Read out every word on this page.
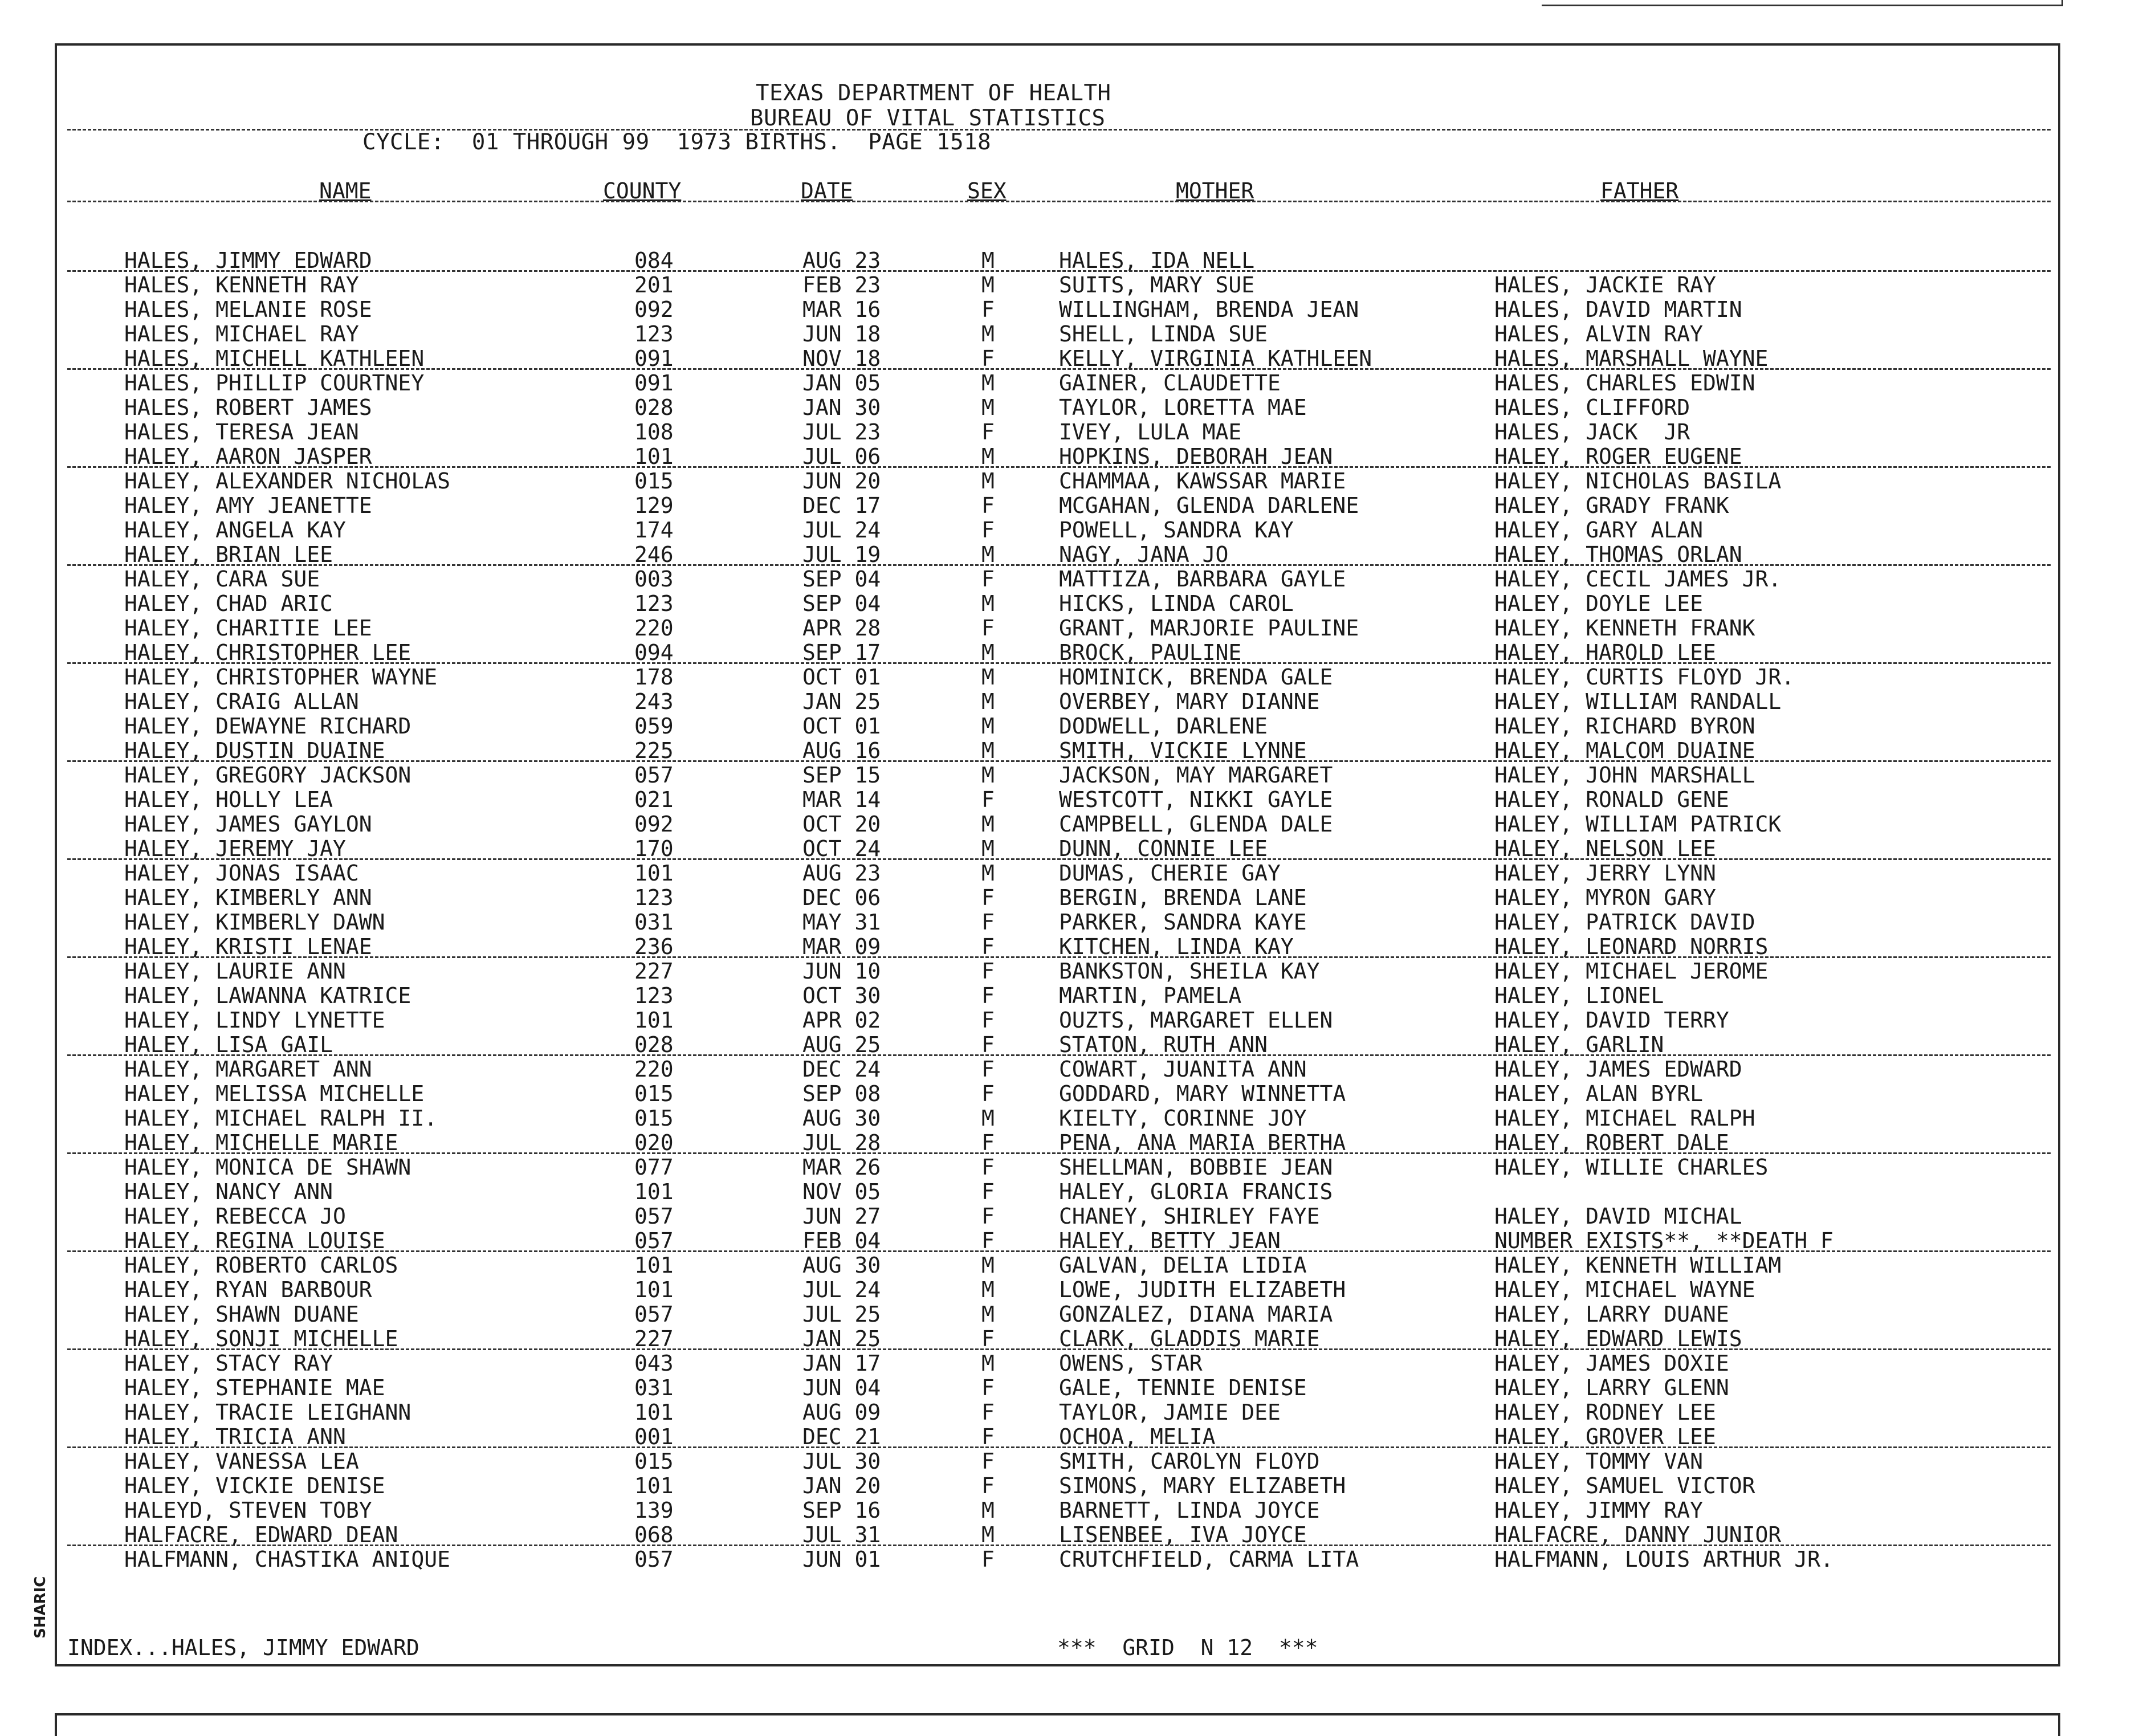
TEXAS DEPARTMENT OF HEALTH
BUREAU OF VITAL STATISTICS
CYCLE:  01 THROUGH 99  1973 BIRTHS.  PAGE 1518
NAME	COUNTY	DATE	SEX	MOTHER	FATHER
HALES, JIMMY EDWARD	084	AUG 23	M	HALES, IDA NELL
HALES, KENNETH RAY	201	FEB 23	M	SUITS, MARY SUE	HALES, JACKIE RAY
HALES, MELANIE ROSE	092	MAR 16	F	WILLINGHAM, BRENDA JEAN	HALES, DAVID MARTIN
HALES, MICHAEL RAY	123	JUN 18	M	SHELL, LINDA SUE	HALES, ALVIN RAY
HALES, MICHELL KATHLEEN	091	NOV 18	F	KELLY, VIRGINIA KATHLEEN	HALES, MARSHALL WAYNE
HALES, PHILLIP COURTNEY	091	JAN 05	M	GAINER, CLAUDETTE	HALES, CHARLES EDWIN
HALES, ROBERT JAMES	028	JAN 30	M	TAYLOR, LORETTA MAE	HALES, CLIFFORD
HALES, TERESA JEAN	108	JUL 23	F	IVEY, LULA MAE	HALES, JACK  JR
HALEY, AARON JASPER	101	JUL 06	M	HOPKINS, DEBORAH JEAN	HALEY, ROGER EUGENE
HALEY, ALEXANDER NICHOLAS	015	JUN 20	M	CHAMMAA, KAWSSAR MARIE	HALEY, NICHOLAS BASILA
HALEY, AMY JEANETTE	129	DEC 17	F	MCGAHAN, GLENDA DARLENE	HALEY, GRADY FRANK
HALEY, ANGELA KAY	174	JUL 24	F	POWELL, SANDRA KAY	HALEY, GARY ALAN
HALEY, BRIAN LEE	246	JUL 19	M	NAGY, JANA JO	HALEY, THOMAS ORLAN
HALEY, CARA SUE	003	SEP 04	F	MATTIZA, BARBARA GAYLE	HALEY, CECIL JAMES JR.
HALEY, CHAD ARIC	123	SEP 04	M	HICKS, LINDA CAROL	HALEY, DOYLE LEE
HALEY, CHARITIE LEE	220	APR 28	F	GRANT, MARJORIE PAULINE	HALEY, KENNETH FRANK
HALEY, CHRISTOPHER LEE	094	SEP 17	M	BROCK, PAULINE	HALEY, HAROLD LEE
HALEY, CHRISTOPHER WAYNE	178	OCT 01	M	HOMINICK, BRENDA GALE	HALEY, CURTIS FLOYD JR.
HALEY, CRAIG ALLAN	243	JAN 25	M	OVERBEY, MARY DIANNE	HALEY, WILLIAM RANDALL
HALEY, DEWAYNE RICHARD	059	OCT 01	M	DODWELL, DARLENE	HALEY, RICHARD BYRON
HALEY, DUSTIN DUAINE	225	AUG 16	M	SMITH, VICKIE LYNNE	HALEY, MALCOM DUAINE
HALEY, GREGORY JACKSON	057	SEP 15	M	JACKSON, MAY MARGARET	HALEY, JOHN MARSHALL
HALEY, HOLLY LEA	021	MAR 14	F	WESTCOTT, NIKKI GAYLE	HALEY, RONALD GENE
HALEY, JAMES GAYLON	092	OCT 20	M	CAMPBELL, GLENDA DALE	HALEY, WILLIAM PATRICK
HALEY, JEREMY JAY	170	OCT 24	M	DUNN, CONNIE LEE	HALEY, NELSON LEE
HALEY, JONAS ISAAC	101	AUG 23	M	DUMAS, CHERIE GAY	HALEY, JERRY LYNN
HALEY, KIMBERLY ANN	123	DEC 06	F	BERGIN, BRENDA LANE	HALEY, MYRON GARY
HALEY, KIMBERLY DAWN	031	MAY 31	F	PARKER, SANDRA KAYE	HALEY, PATRICK DAVID
HALEY, KRISTI LENAE	236	MAR 09	F	KITCHEN, LINDA KAY	HALEY, LEONARD NORRIS
HALEY, LAURIE ANN	227	JUN 10	F	BANKSTON, SHEILA KAY	HALEY, MICHAEL JEROME
HALEY, LAWANNA KATRICE	123	OCT 30	F	MARTIN, PAMELA	HALEY, LIONEL
HALEY, LINDY LYNETTE	101	APR 02	F	OUZTS, MARGARET ELLEN	HALEY, DAVID TERRY
HALEY, LISA GAIL	028	AUG 25	F	STATON, RUTH ANN	HALEY, GARLIN
HALEY, MARGARET ANN	220	DEC 24	F	COWART, JUANITA ANN	HALEY, JAMES EDWARD
HALEY, MELISSA MICHELLE	015	SEP 08	F	GODDARD, MARY WINNETTA	HALEY, ALAN BYRL
HALEY, MICHAEL RALPH II.	015	AUG 30	M	KIELTY, CORINNE JOY	HALEY, MICHAEL RALPH
HALEY, MICHELLE MARIE	020	JUL 28	F	PENA, ANA MARIA BERTHA	HALEY, ROBERT DALE
HALEY, MONICA DE SHAWN	077	MAR 26	F	SHELLMAN, BOBBIE JEAN	HALEY, WILLIE CHARLES
HALEY, NANCY ANN	101	NOV 05	F	HALEY, GLORIA FRANCIS
HALEY, REBECCA JO	057	JUN 27	F	CHANEY, SHIRLEY FAYE	HALEY, DAVID MICHAL
HALEY, REGINA LOUISE	057	FEB 04	F	HALEY, BETTY JEAN	NUMBER EXISTS**, **DEATH F
HALEY, ROBERTO CARLOS	101	AUG 30	M	GALVAN, DELIA LIDIA	HALEY, KENNETH WILLIAM
HALEY, RYAN BARBOUR	101	JUL 24	M	LOWE, JUDITH ELIZABETH	HALEY, MICHAEL WAYNE
HALEY, SHAWN DUANE	057	JUL 25	M	GONZALEZ, DIANA MARIA	HALEY, LARRY DUANE
HALEY, SONJI MICHELLE	227	JAN 25	F	CLARK, GLADDIS MARIE	HALEY, EDWARD LEWIS
HALEY, STACY RAY	043	JAN 17	M	OWENS, STAR	HALEY, JAMES DOXIE
HALEY, STEPHANIE MAE	031	JUN 04	F	GALE, TENNIE DENISE	HALEY, LARRY GLENN
HALEY, TRACIE LEIGHANN	101	AUG 09	F	TAYLOR, JAMIE DEE	HALEY, RODNEY LEE
HALEY, TRICIA ANN	001	DEC 21	F	OCHOA, MELIA	HALEY, GROVER LEE
HALEY, VANESSA LEA	015	JUL 30	F	SMITH, CAROLYN FLOYD	HALEY, TOMMY VAN
HALEY, VICKIE DENISE	101	JAN 20	F	SIMONS, MARY ELIZABETH	HALEY, SAMUEL VICTOR
HALEYD, STEVEN TOBY	139	SEP 16	M	BARNETT, LINDA JOYCE	HALEY, JIMMY RAY
HALFACRE, EDWARD DEAN	068	JUL 31	M	LISENBEE, IVA JOYCE	HALFACRE, DANNY JUNIOR
HALFMANN, CHASTIKA ANIQUE	057	JUN 01	F	CRUTCHFIELD, CARMA LITA	HALFMANN, LOUIS ARTHUR JR.
INDEX...HALES, JIMMY EDWARD	***  GRID  N 12  ***
SHARIC
